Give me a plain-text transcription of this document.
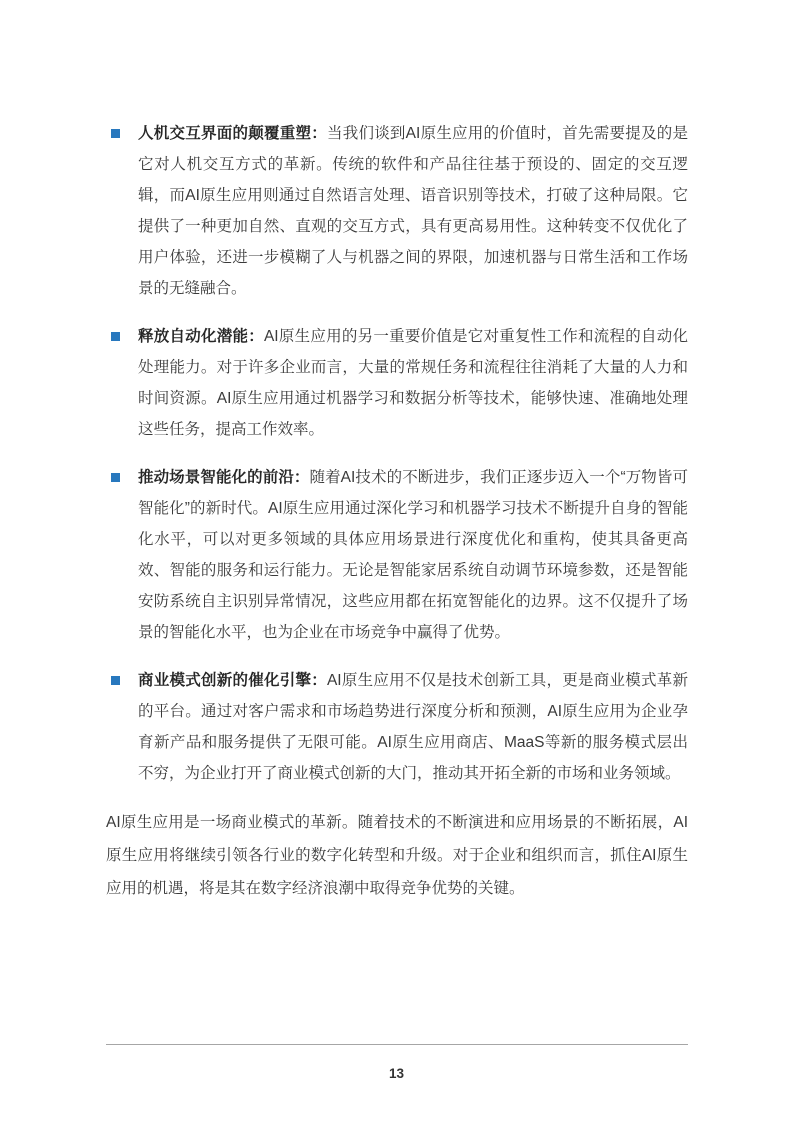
人机交互界面的颠覆重塑：当我们谈到AI原生应用的价值时，首先需要提及的是它对人机交互方式的革新。传统的软件和产品往往基于预设的、固定的交互逻辑，而AI原生应用则通过自然语言处理、语音识别等技术，打破了这种局限。它提供了一种更加自然、直观的交互方式，具有更高易用性。这种转变不仅优化了用户体验，还进一步模糊了人与机器之间的界限，加速机器与日常生活和工作场景的无缝融合。
释放自动化潜能：AI原生应用的另一重要价值是它对重复性工作和流程的自动化处理能力。对于许多企业而言，大量的常规任务和流程往往消耗了大量的人力和时间资源。AI原生应用通过机器学习和数据分析等技术，能够快速、准确地处理这些任务，提高工作效率。
推动场景智能化的前沿：随着AI技术的不断进步，我们正逐步迈入一个“万物皆可智能化”的新时代。AI原生应用通过深化学习和机器学习技术不断提升自身的智能化水平，可以对更多领域的具体应用场景进行深度优化和重构，使其具备更高效、智能的服务和运行能力。无论是智能家居系统自动调节环境参数，还是智能安防系统自主识别异常情况，这些应用都在拓宽智能化的边界。这不仅提升了场景的智能化水平，也为企业在市场竞争中赢得了优势。
商业模式创新的催化引擎：AI原生应用不仅是技术创新工具，更是商业模式革新的平台。通过对客户需求和市场趋势进行深度分析和预测，AI原生应用为企业孕育新产品和服务提供了无限可能。AI原生应用商店、MaaS等新的服务模式层出不穷，为企业打开了商业模式创新的大门，推动其开拓全新的市场和业务领域。

AI原生应用是一场商业模式的革新。随着技术的不断演进和应用场景的不断拓展，AI原生应用将继续引领各行业的数字化转型和升级。对于企业和组织而言，抓住AI原生应用的机遇，将是其在数字经济浪潮中取得竞争优势的关键。

13
